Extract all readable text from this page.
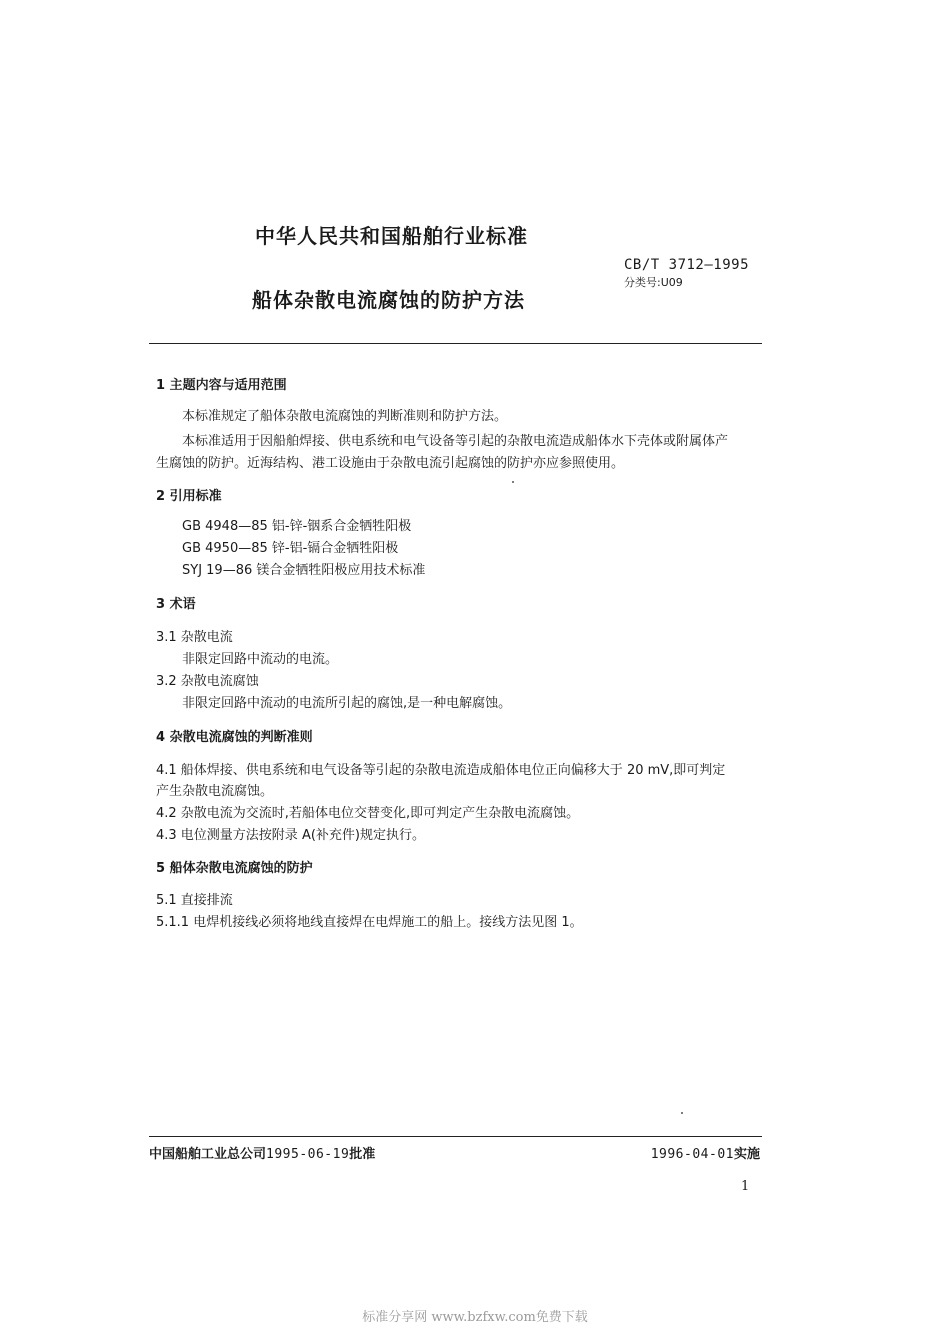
中华人民共和国船舶行业标准
船体杂散电流腐蚀的防护方法
CB/T 3712—1995
分类号:U09
1 主题内容与适用范围
本标准规定了船体杂散电流腐蚀的判断准则和防护方法。
本标准适用于因船舶焊接、供电系统和电气设备等引起的杂散电流造成船体水下壳体或附属体产
生腐蚀的防护。近海结构、港工设施由于杂散电流引起腐蚀的防护亦应参照使用。
2 引用标准
GB 4948—85 铝-锌-铟系合金牺牲阳极
GB 4950—85 锌-铝-镉合金牺牲阳极
SYJ 19—86 镁合金牺牲阳极应用技术标准
3 术语
3.1 杂散电流
非限定回路中流动的电流。
3.2 杂散电流腐蚀
非限定回路中流动的电流所引起的腐蚀,是一种电解腐蚀。
4 杂散电流腐蚀的判断准则
4.1 船体焊接、供电系统和电气设备等引起的杂散电流造成船体电位正向偏移大于 20 mV,即可判定
产生杂散电流腐蚀。
4.2 杂散电流为交流时,若船体电位交替变化,即可判定产生杂散电流腐蚀。
4.3 电位测量方法按附录 A(补充件)规定执行。
5 船体杂散电流腐蚀的防护
5.1 直接排流
5.1.1 电焊机接线必须将地线直接焊在电焊施工的船上。接线方法见图 1。
中国船舶工业总公司1995-06-19批准	1996-04-01实施
1
标准分享网 www.bzfxw.com免费下载
